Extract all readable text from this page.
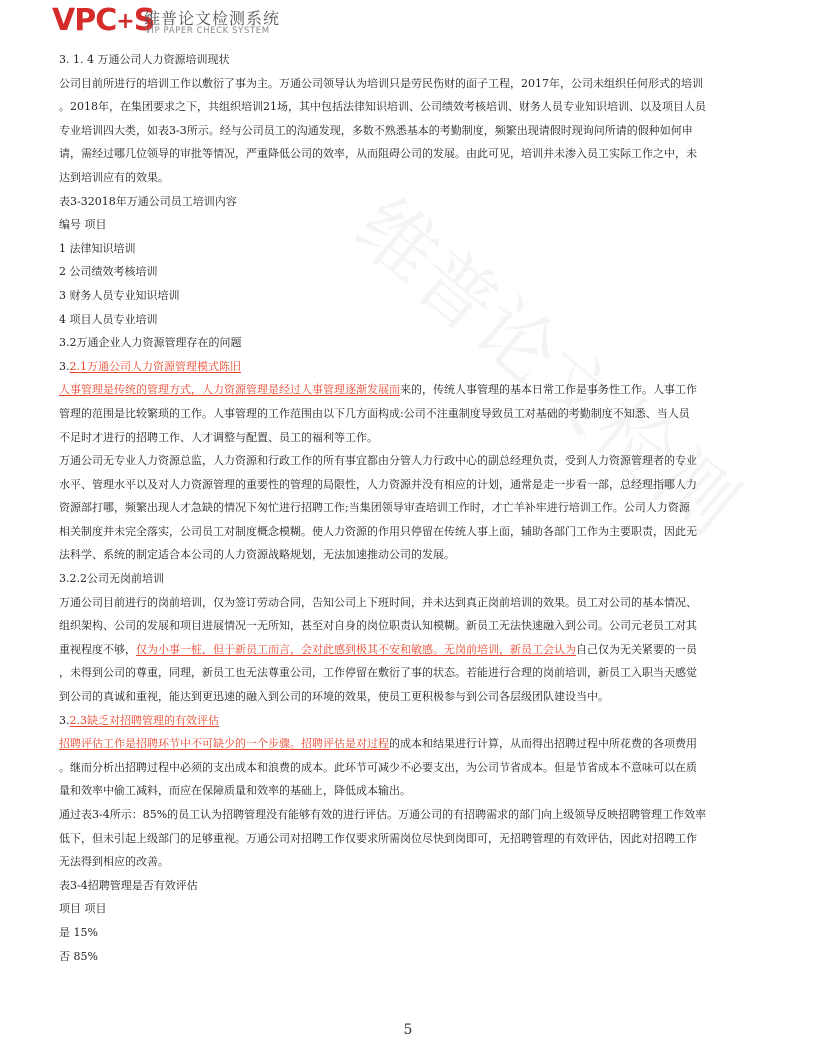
VPC+S
维普论文检测系统
VIP PAPER CHECK SYSTEM
3. 1. 4 万通公司人力资源培训现状
公司目前所进行的培训工作以敷衍了事为主。万通公司领导认为培训只是劳民伤财的面子工程，2017年，公司未组织任何形式的培训
。2018年，在集团要求之下，共组织培训21场，其中包括法律知识培训、公司绩效考核培训、财务人员专业知识培训、以及项目人员
专业培训四大类，如表3-3所示。经与公司员工的沟通发现，多数不熟悉基本的考勤制度，频繁出现请假时现询问所请的假种如何申
请，需经过哪几位领导的审批等情况，严重降低公司的效率，从而阻碍公司的发展。由此可见，培训并未渗入员工实际工作之中，未
达到培训应有的效果。
表3-32018年万通公司员工培训内容
编号 项目
1 法律知识培训
2 公司绩效考核培训
3 财务人员专业知识培训
4 项目人员专业培训
3.2万通企业人力资源管理存在的问题
3.2.1万通公司人力资源管理模式陈旧
人事管理是传统的管理方式，人力资源管理是经过人事管理逐渐发展而来的，传统人事管理的基本日常工作是事务性工作。人事工作
管理的范围是比较繁琐的工作。人事管理的工作范围由以下几方面构成:公司不注重制度导致员工对基础的考勤制度不知悉、当人员
不足时才进行的招聘工作、人才调整与配置、员工的福利等工作。
万通公司无专业人力资源总监，人力资源和行政工作的所有事宜都由分管人力行政中心的副总经理负责，受到人力资源管理者的专业
水平、管理水平以及对人力资源管理的重要性的管理的局限性，人力资源并没有相应的计划，通常是走一步看一部，总经理指哪人力
资源部打哪，频繁出现人才急缺的情况下匆忙进行招聘工作;当集团领导审查培训工作时，才亡羊补牢进行培训工作。公司人力资源
相关制度并未完全落实，公司员工对制度概念模糊。使人力资源的作用只停留在传统人事上面，辅助各部门工作为主要职责，因此无
法科学、系统的制定适合本公司的人力资源战略规划，无法加速推动公司的发展。
3.2.2公司无岗前培训
万通公司目前进行的岗前培训，仅为签订劳动合同，告知公司上下班时间，并未达到真正岗前培训的效果。员工对公司的基本情况、
组织架构、公司的发展和项目进展情况一无所知，甚至对自身的岗位职责认知模糊。新员工无法快速融入到公司。公司元老员工对其
重视程度不够，仅为小事一桩，但于新员工而言，会对此感到极其不安和敏感。无岗前培训，新员工会认为自己仅为无关紧要的一员
，未得到公司的尊重，同理，新员工也无法尊重公司，工作停留在敷衍了事的状态。若能进行合理的岗前培训，新员工入职当天感觉
到公司的真诚和重视，能达到更迅速的融入到公司的环境的效果，使员工更积极参与到公司各层级团队建设当中。
3.2.3缺乏对招聘管理的有效评估
招聘评估工作是招聘环节中不可缺少的一个步骤。招聘评估是对过程的成本和结果进行计算，从而得出招聘过程中所花费的各项费用
。继而分析出招聘过程中必须的支出成本和浪费的成本。此环节可减少不必要支出，为公司节省成本。但是节省成本不意味可以在质
量和效率中偷工减料，而应在保障质量和效率的基础上，降低成本输出。
通过表3-4所示：85%的员工认为招聘管理没有能够有效的进行评估。万通公司的有招聘需求的部门向上级领导反映招聘管理工作效率
低下，但未引起上级部门的足够重视。万通公司对招聘工作仅要求所需岗位尽快到岗即可，无招聘管理的有效评估，因此对招聘工作
无法得到相应的改善。
表3-4招聘管理是否有效评估
项目 项目
是 15%
否 85%
5
